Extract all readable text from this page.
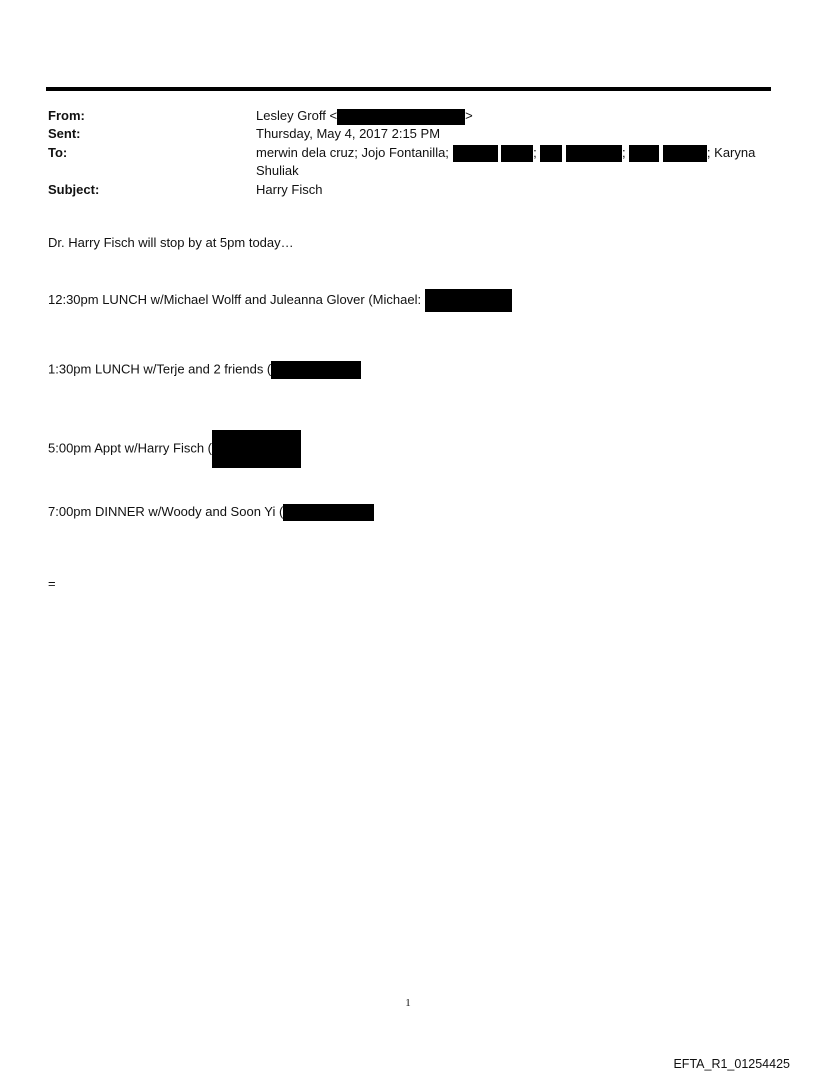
From:	Lesley Groff <	>
Sent:	Thursday, May 4, 2017 2:15 PM
To:	merwin dela cruz; Jojo Fontanilla;	;	;	; Karyna
Shuliak
Subject:	Harry Fisch
Dr. Harry Fisch will stop by at 5pm today…
12:30pm LUNCH w/Michael Wolff and Juleanna Glover (Michael:
1:30pm LUNCH w/Terje and 2 friends (
5:00pm Appt w/Harry Fisch (
7:00pm DINNER w/Woody and Soon Yi (
=
1
EFTA_R1_01254425
